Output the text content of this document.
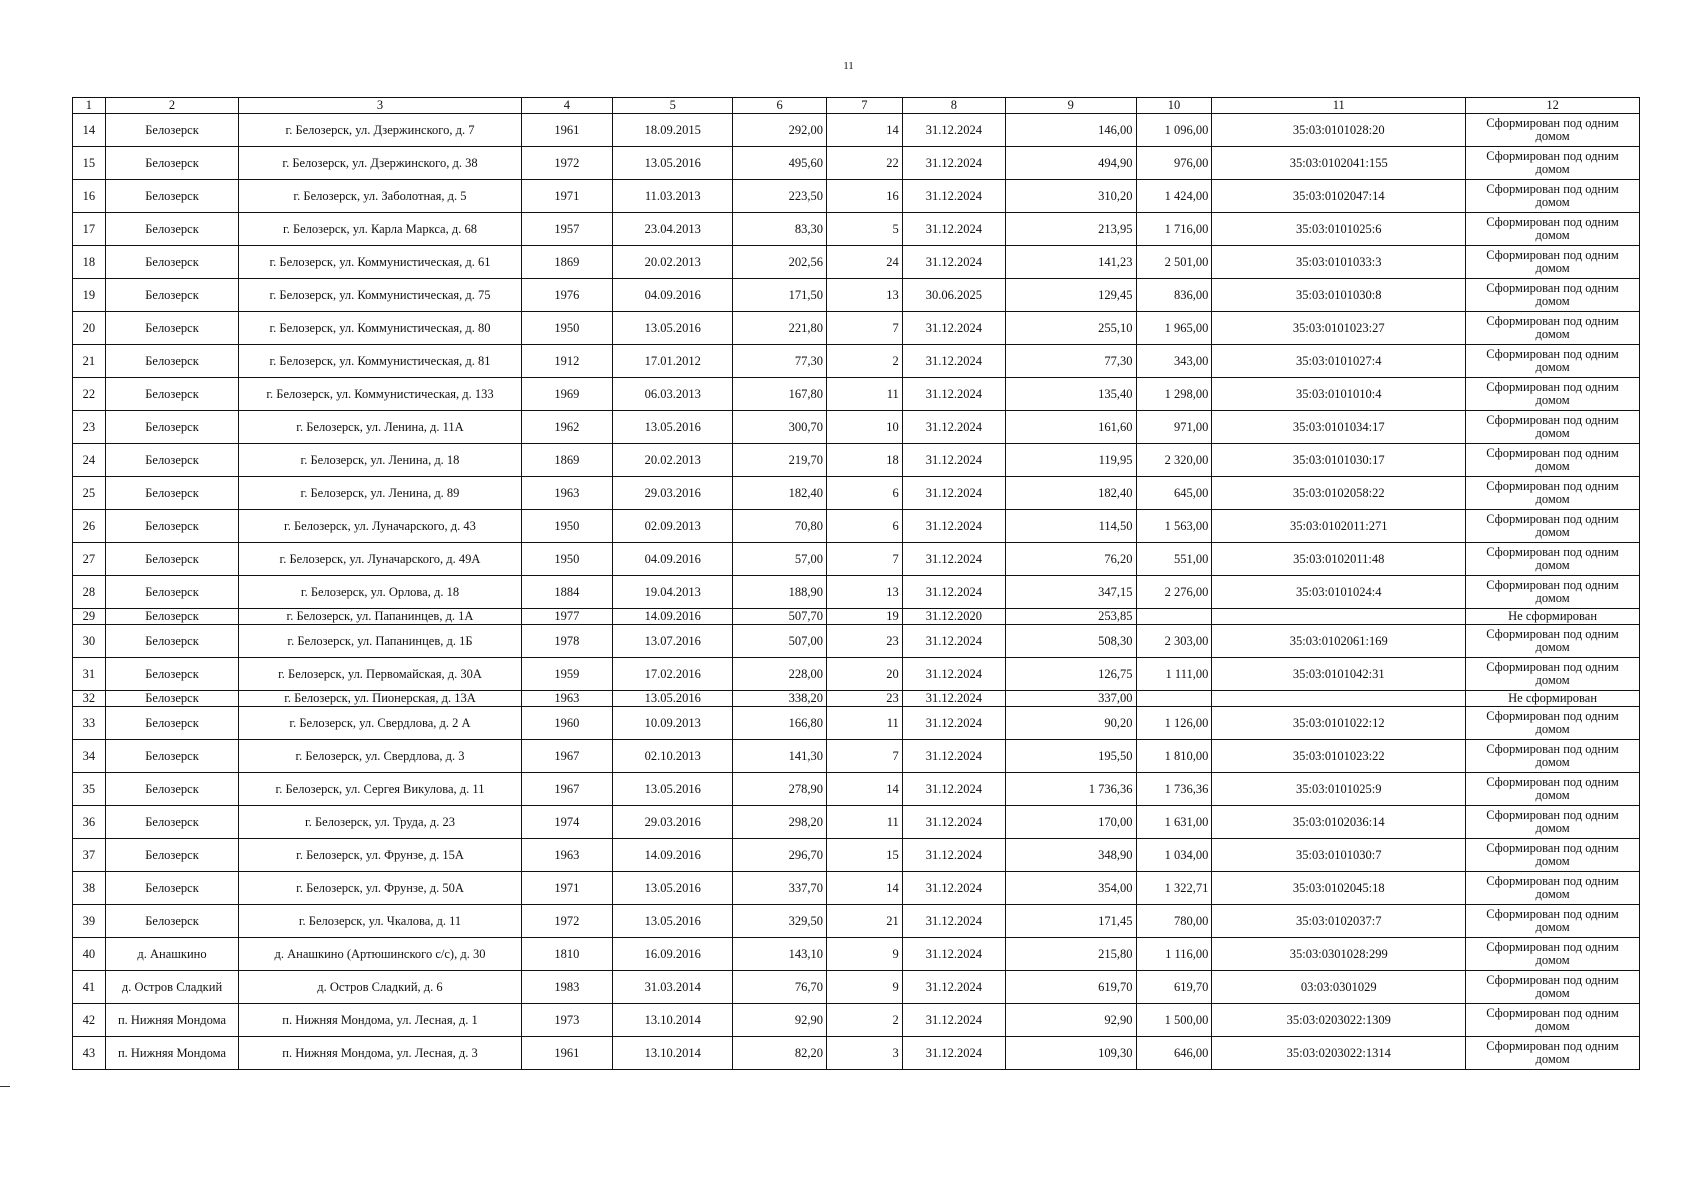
11
1	2	3	4	5	6	7	8	9	10	11	12
14	Белозерск	г. Белозерск, ул. Дзержинского, д. 7	1961	18.09.2015	292,00	14	31.12.2024	146,00	1 096,00	35:03:0101028:20	Сформирован под одним домом
15	Белозерск	г. Белозерск, ул. Дзержинского, д. 38	1972	13.05.2016	495,60	22	31.12.2024	494,90	976,00	35:03:0102041:155	Сформирован под одним домом
16	Белозерск	г. Белозерск, ул. Заболотная, д. 5	1971	11.03.2013	223,50	16	31.12.2024	310,20	1 424,00	35:03:0102047:14	Сформирован под одним домом
17	Белозерск	г. Белозерск, ул. Карла Маркса, д. 68	1957	23.04.2013	83,30	5	31.12.2024	213,95	1 716,00	35:03:0101025:6	Сформирован под одним домом
18	Белозерск	г. Белозерск, ул. Коммунистическая, д. 61	1869	20.02.2013	202,56	24	31.12.2024	141,23	2 501,00	35:03:0101033:3	Сформирован под одним домом
19	Белозерск	г. Белозерск, ул. Коммунистическая, д. 75	1976	04.09.2016	171,50	13	30.06.2025	129,45	836,00	35:03:0101030:8	Сформирован под одним домом
20	Белозерск	г. Белозерск, ул. Коммунистическая, д. 80	1950	13.05.2016	221,80	7	31.12.2024	255,10	1 965,00	35:03:0101023:27	Сформирован под одним домом
21	Белозерск	г. Белозерск, ул. Коммунистическая, д. 81	1912	17.01.2012	77,30	2	31.12.2024	77,30	343,00	35:03:0101027:4	Сформирован под одним домом
22	Белозерск	г. Белозерск, ул. Коммунистическая, д. 133	1969	06.03.2013	167,80	11	31.12.2024	135,40	1 298,00	35:03:0101010:4	Сформирован под одним домом
23	Белозерск	г. Белозерск, ул. Ленина, д. 11А	1962	13.05.2016	300,70	10	31.12.2024	161,60	971,00	35:03:0101034:17	Сформирован под одним домом
24	Белозерск	г. Белозерск, ул. Ленина, д. 18	1869	20.02.2013	219,70	18	31.12.2024	119,95	2 320,00	35:03:0101030:17	Сформирован под одним домом
25	Белозерск	г. Белозерск, ул. Ленина, д. 89	1963	29.03.2016	182,40	6	31.12.2024	182,40	645,00	35:03:0102058:22	Сформирован под одним домом
26	Белозерск	г. Белозерск, ул. Луначарского, д. 43	1950	02.09.2013	70,80	6	31.12.2024	114,50	1 563,00	35:03:0102011:271	Сформирован под одним домом
27	Белозерск	г. Белозерск, ул. Луначарского, д. 49А	1950	04.09.2016	57,00	7	31.12.2024	76,20	551,00	35:03:0102011:48	Сформирован под одним домом
28	Белозерск	г. Белозерск, ул. Орлова, д. 18	1884	19.04.2013	188,90	13	31.12.2024	347,15	2 276,00	35:03:0101024:4	Сформирован под одним домом
29	Белозерск	г. Белозерск, ул. Папанинцев, д. 1А	1977	14.09.2016	507,70	19	31.12.2020	253,85			Не сформирован
30	Белозерск	г. Белозерск, ул. Папанинцев, д. 1Б	1978	13.07.2016	507,00	23	31.12.2024	508,30	2 303,00	35:03:0102061:169	Сформирован под одним домом
31	Белозерск	г. Белозерск, ул. Первомайская, д. 30А	1959	17.02.2016	228,00	20	31.12.2024	126,75	1 111,00	35:03:0101042:31	Сформирован под одним домом
32	Белозерск	г. Белозерск, ул. Пионерская, д. 13А	1963	13.05.2016	338,20	23	31.12.2024	337,00			Не сформирован
33	Белозерск	г. Белозерск, ул. Свердлова, д. 2 А	1960	10.09.2013	166,80	11	31.12.2024	90,20	1 126,00	35:03:0101022:12	Сформирован под одним домом
34	Белозерск	г. Белозерск, ул. Свердлова, д. 3	1967	02.10.2013	141,30	7	31.12.2024	195,50	1 810,00	35:03:0101023:22	Сформирован под одним домом
35	Белозерск	г. Белозерск, ул. Сергея Викулова, д. 11	1967	13.05.2016	278,90	14	31.12.2024	1 736,36	1 736,36	35:03:0101025:9	Сформирован под одним домом
36	Белозерск	г. Белозерск, ул. Труда, д. 23	1974	29.03.2016	298,20	11	31.12.2024	170,00	1 631,00	35:03:0102036:14	Сформирован под одним домом
37	Белозерск	г. Белозерск, ул. Фрунзе, д. 15А	1963	14.09.2016	296,70	15	31.12.2024	348,90	1 034,00	35:03:0101030:7	Сформирован под одним домом
38	Белозерск	г. Белозерск, ул. Фрунзе, д. 50А	1971	13.05.2016	337,70	14	31.12.2024	354,00	1 322,71	35:03:0102045:18	Сформирован под одним домом
39	Белозерск	г. Белозерск, ул. Чкалова, д. 11	1972	13.05.2016	329,50	21	31.12.2024	171,45	780,00	35:03:0102037:7	Сформирован под одним домом
40	д. Анашкино	д. Анашкино (Артюшинского с/с), д. 30	1810	16.09.2016	143,10	9	31.12.2024	215,80	1 116,00	35:03:0301028:299	Сформирован под одним домом
41	д. Остров Сладкий	д. Остров Сладкий, д. 6	1983	31.03.2014	76,70	9	31.12.2024	619,70	619,70	03:03:0301029	Сформирован под одним домом
42	п. Нижняя Мондома	п. Нижняя Мондома, ул. Лесная, д. 1	1973	13.10.2014	92,90	2	31.12.2024	92,90	1 500,00	35:03:0203022:1309	Сформирован под одним домом
43	п. Нижняя Мондома	п. Нижняя Мондома, ул. Лесная, д. 3	1961	13.10.2014	82,20	3	31.12.2024	109,30	646,00	35:03:0203022:1314	Сформирован под одним домом
